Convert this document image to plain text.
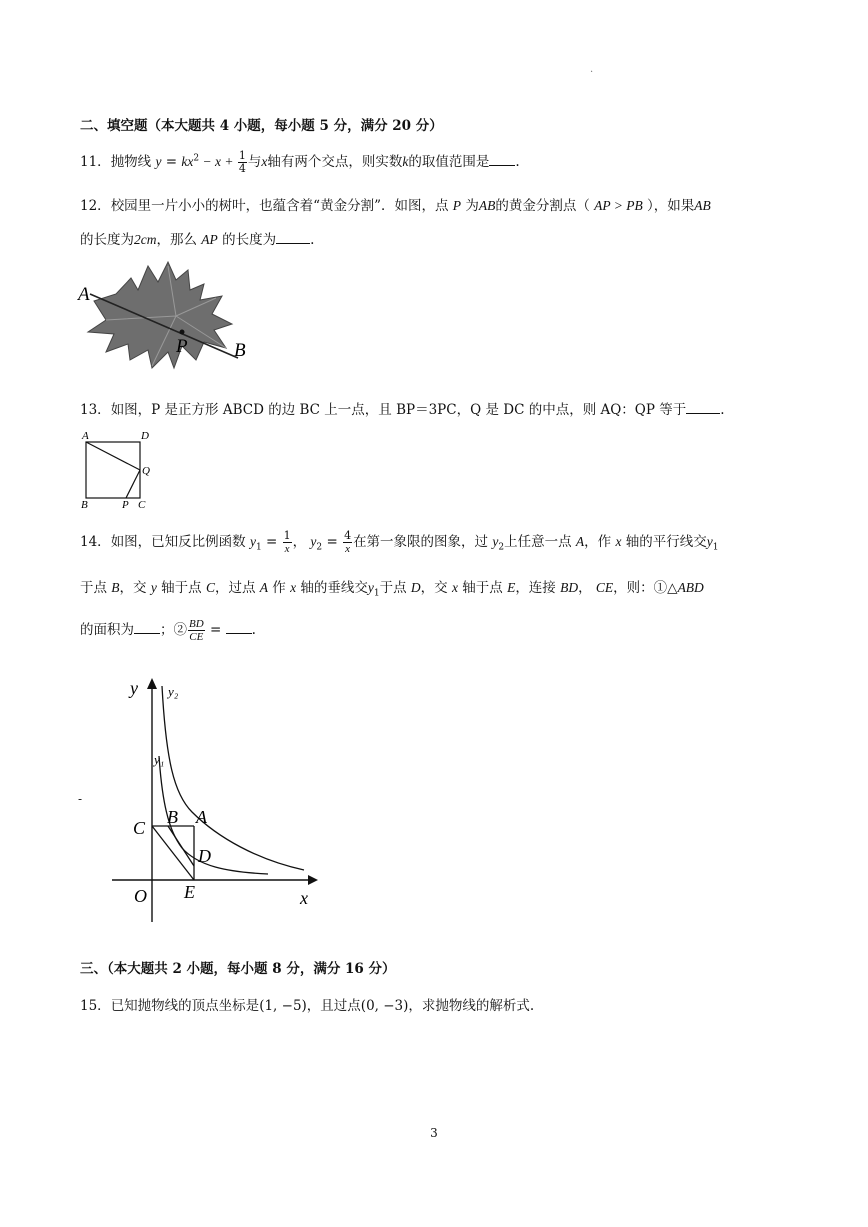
.
二、填空题（本大题共 4 小题，每小题 5 分，满分 20 分）
11．抛物线 $y = kx^2 - x + \frac{1}{4}$ 与x轴有两个交点，则实数k的取值范围是 .
12．校园里一片小小的树叶，也蕴含着“黄金分割”．如图，点 P 为AB的黄金分割点（ AP > PB ），如果AB
的长度为2cm，那么 AP 的长度为	.
A
P B
13．如图，P 是正方形 ABCD 的边 BC 上一点，且 BP＝3PC，Q 是 DC 的中点，则 AQ：QP 等于	.
A	D
Q
B	P C
14．如图，已知反比例函数 $y_1 = \frac{1}{x}$ ， $y_2 = \frac{4}{x}$ 在第一象限的图象，过 $y_2$上任意一点 A，作 x 轴的平行线交$y_1$
于点 B，交 y 轴于点 C，过点 A 作 x 轴的垂线交$y_1$于点 D，交 x 轴于点 E，连接 BD， CE，则：①△ABD
的面积为 ；② $\frac{BD}{CE}$ = .
-
y y₂
y₁
C
B A
D
O E	x
三、（本大题共 2 小题，每小题 8 分，满分 16 分）
15．已知抛物线的顶点坐标是(1, −5)，且过点(0, −3)，求抛物线的解析式.
3
